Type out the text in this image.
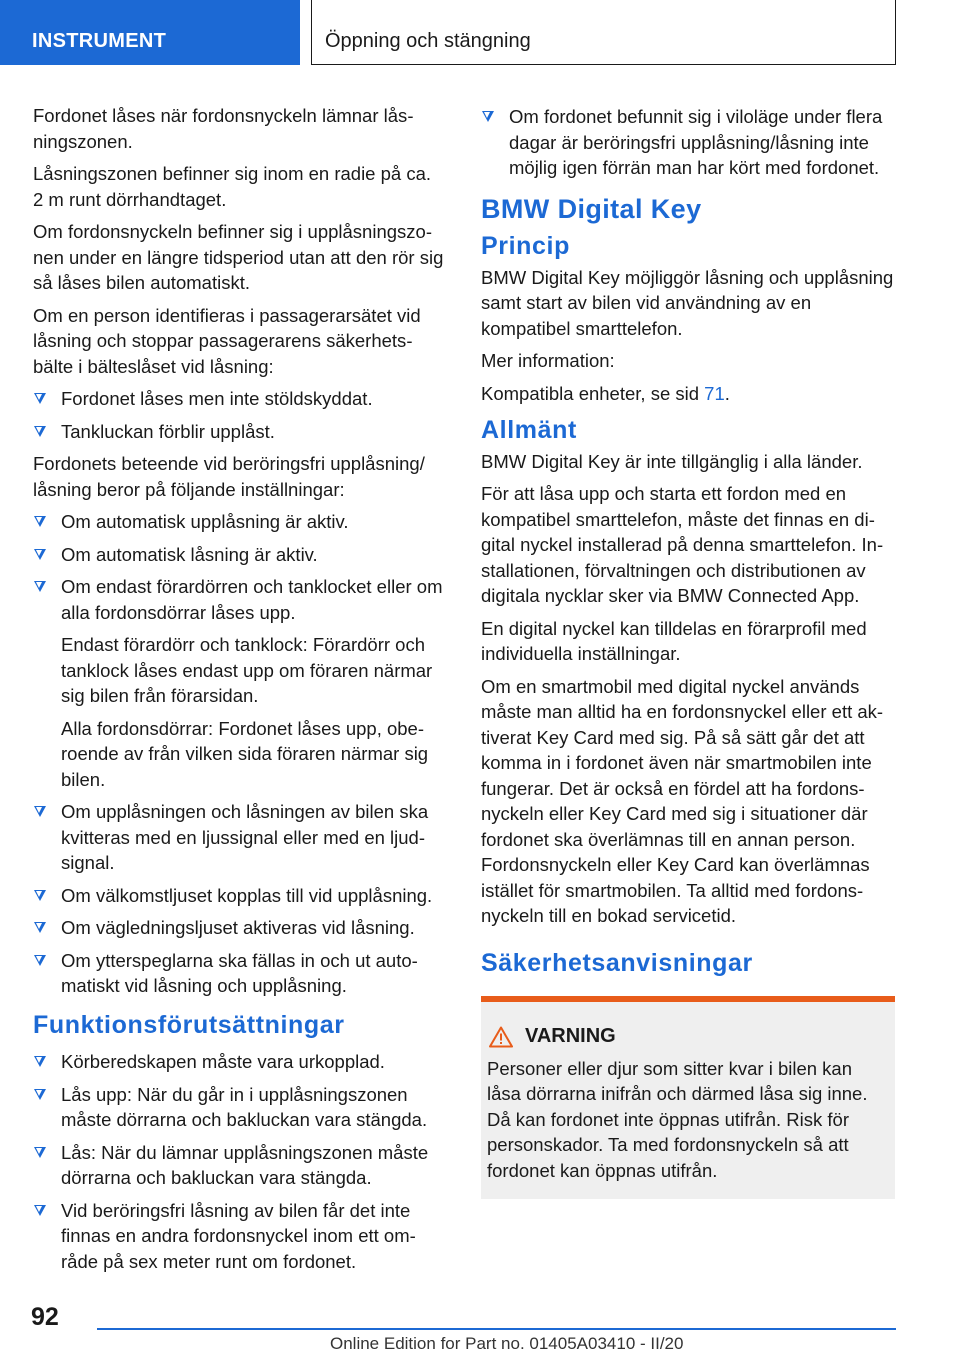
INSTRUMENT	Öppning och stängning
Fordonet låses när fordonsnyckeln lämnar låsningszonen.
Låsningszonen befinner sig inom en radie på ca. 2 m runt dörrhandtaget.
Om fordonsnyckeln befinner sig i upplåsningszonen under en längre tidsperiod utan att den rör sig så låses bilen automatiskt.
Om en person identifieras i passagerarsätet vid låsning och stoppar passagerarens säkerhetsbälte i bälteslåset vid låsning:
Fordonet låses men inte stöldskyddat.
Tankluckan förblir upplåst.
Fordonets beteende vid beröringsfri upplåsning/ låsning beror på följande inställningar:
Om automatisk upplåsning är aktiv.
Om automatisk låsning är aktiv.
Om endast förardörren och tanklocket eller om alla fordonsdörrar låses upp.
Endast förardörr och tanklock: Förardörr och tanklock låses endast upp om föraren närmar sig bilen från förarsidan.
Alla fordonsdörrar: Fordonet låses upp, oberoende av från vilken sida föraren närmar sig bilen.
Om upplåsningen och låsningen av bilen ska kvitteras med en ljussignal eller med en ljudsignal.
Om välkomstljuset kopplas till vid upplåsning.
Om vägledningsljuset aktiveras vid låsning.
Om ytterspeglarna ska fällas in och ut automatiskt vid låsning och upplåsning.
Funktionsförutsättningar
Körberedskapen måste vara urkopplad.
Lås upp: När du går in i upplåsningszonen måste dörrarna och bakluckan vara stängda.
Lås: När du lämnar upplåsningszonen måste dörrarna och bakluckan vara stängda.
Vid beröringsfri låsning av bilen får det inte finnas en andra fordonsnyckel inom ett område på sex meter runt om fordonet.
Om fordonet befunnit sig i viloläge under flera dagar är beröringsfri upplåsning/låsning inte möjlig igen förrän man har kört med fordonet.
BMW Digital Key
Princip
BMW Digital Key möjliggör låsning och upplåsning samt start av bilen vid användning av en kompatibel smarttelefon.
Mer information:
Kompatibla enheter, se sid 71.
Allmänt
BMW Digital Key är inte tillgänglig i alla länder.
För att låsa upp och starta ett fordon med en kompatibel smarttelefon, måste det finnas en digital nyckel installerad på denna smarttelefon. Installationen, förvaltningen och distributionen av digitala nycklar sker via BMW Connected App.
En digital nyckel kan tilldelas en förarprofil med individuella inställningar.
Om en smartmobil med digital nyckel används måste man alltid ha en fordonsnyckel eller ett aktiverat Key Card med sig. På så sätt går det att komma in i fordonet även när smartmobilen inte fungerar. Det är också en fördel att ha fordonsnyckeln eller Key Card med sig i situationer där fordonet ska överlämnas till en annan person. Fordonsnyckeln eller Key Card kan överlämnas istället för smartmobilen. Ta alltid med fordonsnyckeln till en bokad servicetid.
Säkerhetsanvisningar
VARNING
Personer eller djur som sitter kvar i bilen kan låsa dörrarna inifrån och därmed låsa sig inne. Då kan fordonet inte öppnas utifrån. Risk för personskador. Ta med fordonsnyckeln så att fordonet kan öppnas utifrån.
92
Online Edition for Part no. 01405A03410 - II/20
